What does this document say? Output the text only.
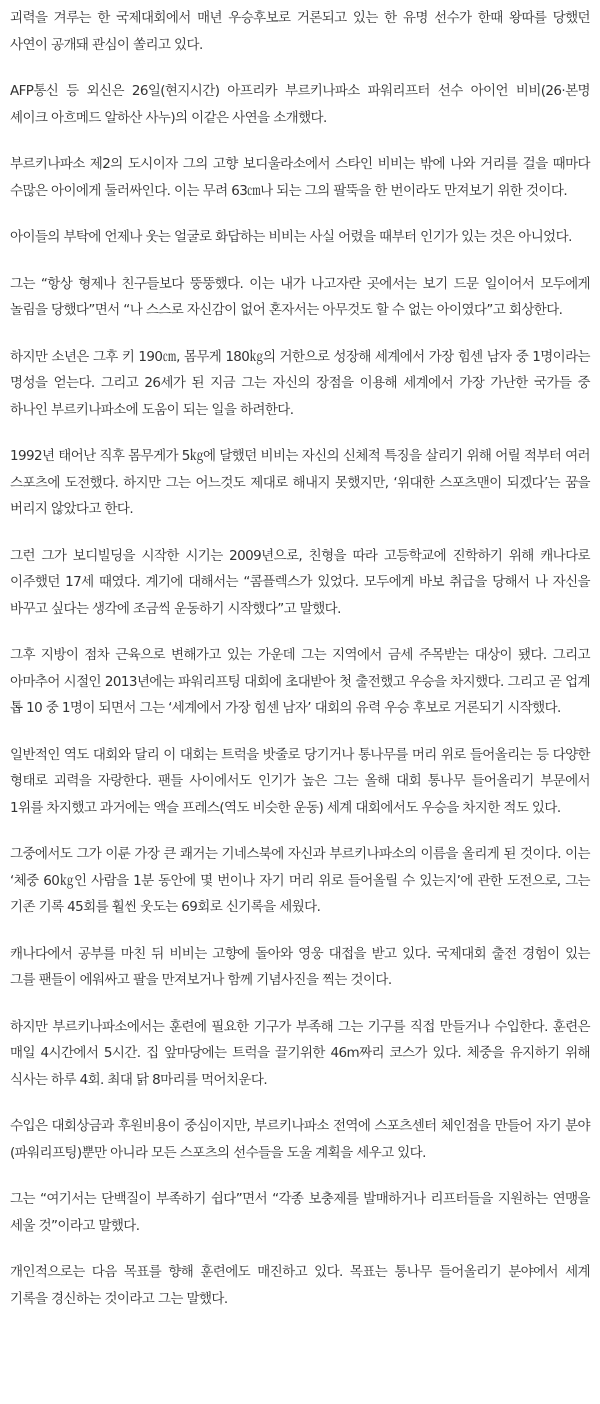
괴력을 겨루는 한 국제대회에서 매년 우승후보로 거론되고 있는 한 유명 선수가 한때 왕따를 당했던 사연이 공개돼 관심이 쏠리고 있다.

AFP통신 등 외신은 26일(현지시간) 아프리카 부르키나파소 파워리프터 선수 아이언 비비(26·본명 셰이크 아흐메드 알하산 사누)의 이같은 사연을 소개했다.

부르키나파소 제2의 도시이자 그의 고향 보디울라소에서 스타인 비비는 밖에 나와 거리를 걸을 때마다 수많은 아이에게 둘러싸인다. 이는 무려 63㎝나 되는 그의 팔뚝을 한 번이라도 만져보기 위한 것이다.

아이들의 부탁에 언제나 웃는 얼굴로 화답하는 비비는 사실 어렸을 때부터 인기가 있는 것은 아니었다.

그는 “항상 형제나 친구들보다 뚱뚱했다. 이는 내가 나고자란 곳에서는 보기 드문 일이어서 모두에게 놀림을 당했다”면서 “나 스스로 자신감이 없어 혼자서는 아무것도 할 수 없는 아이였다”고 회상한다.

하지만 소년은 그후 키 190㎝, 몸무게 180㎏의 거한으로 성장해 세계에서 가장 힘센 남자 중 1명이라는 명성을 얻는다. 그리고 26세가 된 지금 그는 자신의 장점을 이용해 세계에서 가장 가난한 국가들 중 하나인 부르키나파소에 도움이 되는 일을 하려한다.

1992년 태어난 직후 몸무게가 5㎏에 달했던 비비는 자신의 신체적 특징을 살리기 위해 어릴 적부터 여러 스포츠에 도전했다. 하지만 그는 어느것도 제대로 해내지 못했지만, ‘위대한 스포츠맨이 되겠다’는 꿈을 버리지 않았다고 한다.

그런 그가 보디빌딩을 시작한 시기는 2009년으로, 친형을 따라 고등학교에 진학하기 위해 캐나다로 이주했던 17세 때였다. 계기에 대해서는 “콤플렉스가 있었다. 모두에게 바보 취급을 당해서 나 자신을 바꾸고 싶다는 생각에 조금씩 운동하기 시작했다”고 말했다.

그후 지방이 점차 근육으로 변해가고 있는 가운데 그는 지역에서 금세 주목받는 대상이 됐다. 그리고 아마추어 시절인 2013년에는 파워리프팅 대회에 초대받아 첫 출전했고 우승을 차지했다. 그리고 곧 업계 톱 10 중 1명이 되면서 그는 ‘세계에서 가장 힘센 남자’ 대회의 유력 우승 후보로 거론되기 시작했다.

일반적인 역도 대회와 달리 이 대회는 트럭을 밧줄로 당기거나 통나무를 머리 위로 들어올리는 등 다양한 형태로 괴력을 자랑한다. 팬들 사이에서도 인기가 높은 그는 올해 대회 통나무 들어올리기 부문에서 1위를 차지했고 과거에는 액슬 프레스(역도 비슷한 운동) 세계 대회에서도 우승을 차지한 적도 있다.

그중에서도 그가 이룬 가장 큰 쾌거는 기네스북에 자신과 부르키나파소의 이름을 올리게 된 것이다. 이는 ‘체중 60㎏인 사람을 1분 동안에 몇 번이나 자기 머리 위로 들어올릴 수 있는지’에 관한 도전으로, 그는 기존 기록 45회를 훨씬 웃도는 69회로 신기록을 세웠다.

캐나다에서 공부를 마친 뒤 비비는 고향에 돌아와 영웅 대접을 받고 있다. 국제대회 출전 경험이 있는 그를 팬들이 에워싸고 팔을 만져보거나 함께 기념사진을 찍는 것이다.

하지만 부르키나파소에서는 훈련에 필요한 기구가 부족해 그는 기구를 직접 만들거나 수입한다. 훈련은 매일 4시간에서 5시간. 집 앞마당에는 트럭을 끌기위한 46m짜리 코스가 있다. 체중을 유지하기 위해 식사는 하루 4회. 최대 닭 8마리를 먹어치운다.

수입은 대회상금과 후원비용이 중심이지만, 부르키나파소 전역에 스포츠센터 체인점을 만들어 자기 분야(파워리프팅)뿐만 아니라 모든 스포츠의 선수들을 도울 계획을 세우고 있다.

그는 “여기서는 단백질이 부족하기 쉽다”면서 “각종 보충제를 발매하거나 리프터들을 지원하는 연맹을 세울 것”이라고 말했다.

개인적으로는 다음 목표를 향해 훈련에도 매진하고 있다. 목표는 통나무 들어올리기 분야에서 세계 기록을 경신하는 것이라고 그는 말했다.
